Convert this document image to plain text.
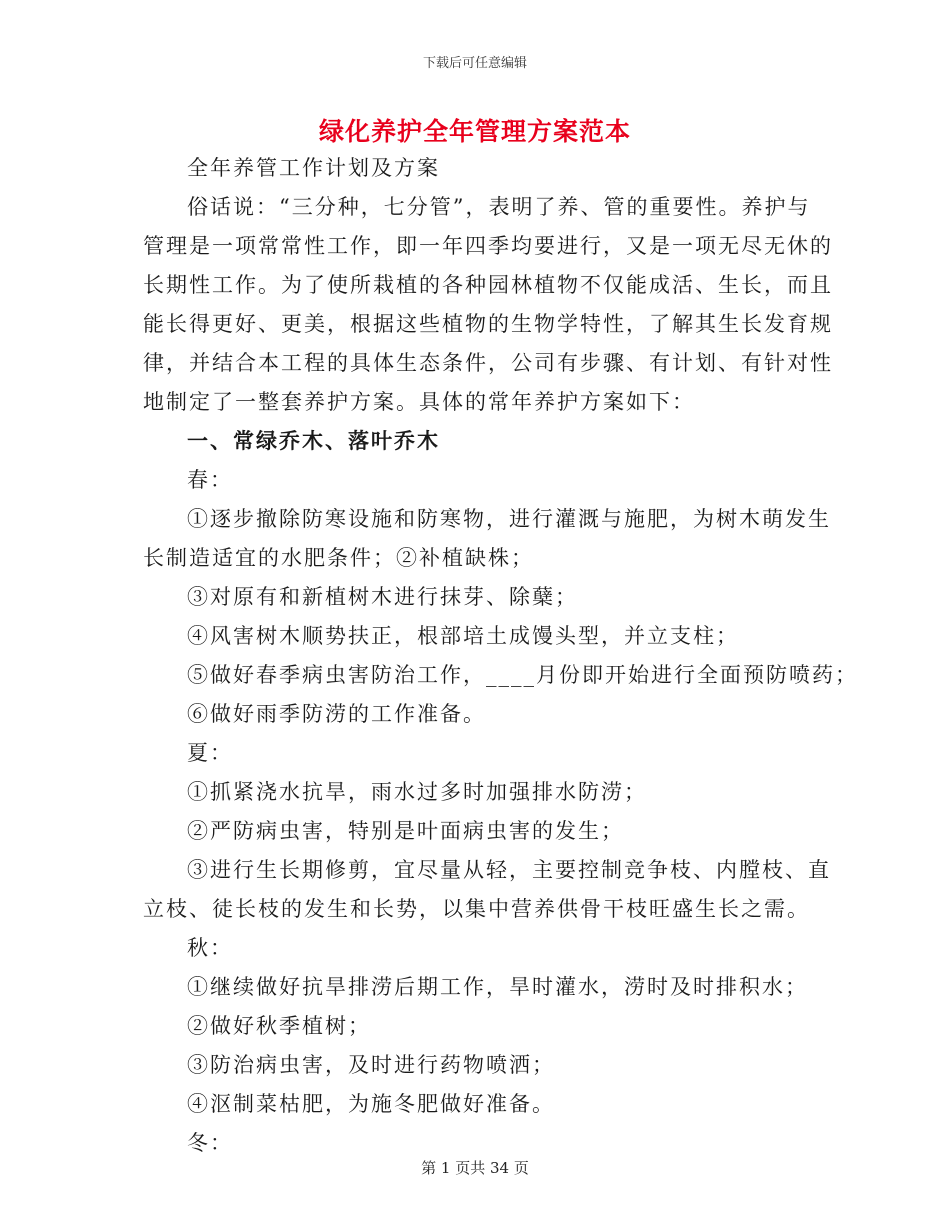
下载后可任意编辑
绿化养护全年管理方案范本
全年养管工作计划及方案
俗话说：“三分种，七分管”，表明了养、管的重要性。养护与
管理是一项常常性工作，即一年四季均要进行，又是一项无尽无休的
长期性工作。为了使所栽植的各种园林植物不仅能成活、生长，而且
能长得更好、更美，根据这些植物的生物学特性，了解其生长发育规
律，并结合本工程的具体生态条件，公司有步骤、有计划、有针对性
地制定了一整套养护方案。具体的常年养护方案如下：
一、常绿乔木、落叶乔木
春：
①逐步撤除防寒设施和防寒物，进行灌溉与施肥，为树木萌发生
长制造适宜的水肥条件；②补植缺株；
③对原有和新植树木进行抹芽、除蘖；
④风害树木顺势扶正，根部培土成馒头型，并立支柱；
⑤做好春季病虫害防治工作，____月份即开始进行全面预防喷药；
⑥做好雨季防涝的工作准备。
夏：
①抓紧浇水抗旱，雨水过多时加强排水防涝；
②严防病虫害，特别是叶面病虫害的发生；
③进行生长期修剪，宜尽量从轻，主要控制竞争枝、内膛枝、直
立枝、徒长枝的发生和长势，以集中营养供骨干枝旺盛生长之需。
秋：
①继续做好抗旱排涝后期工作，旱时灌水，涝时及时排积水；
②做好秋季植树；
③防治病虫害，及时进行药物喷洒；
④沤制菜枯肥，为施冬肥做好准备。
冬：
第 1 页共 34 页
